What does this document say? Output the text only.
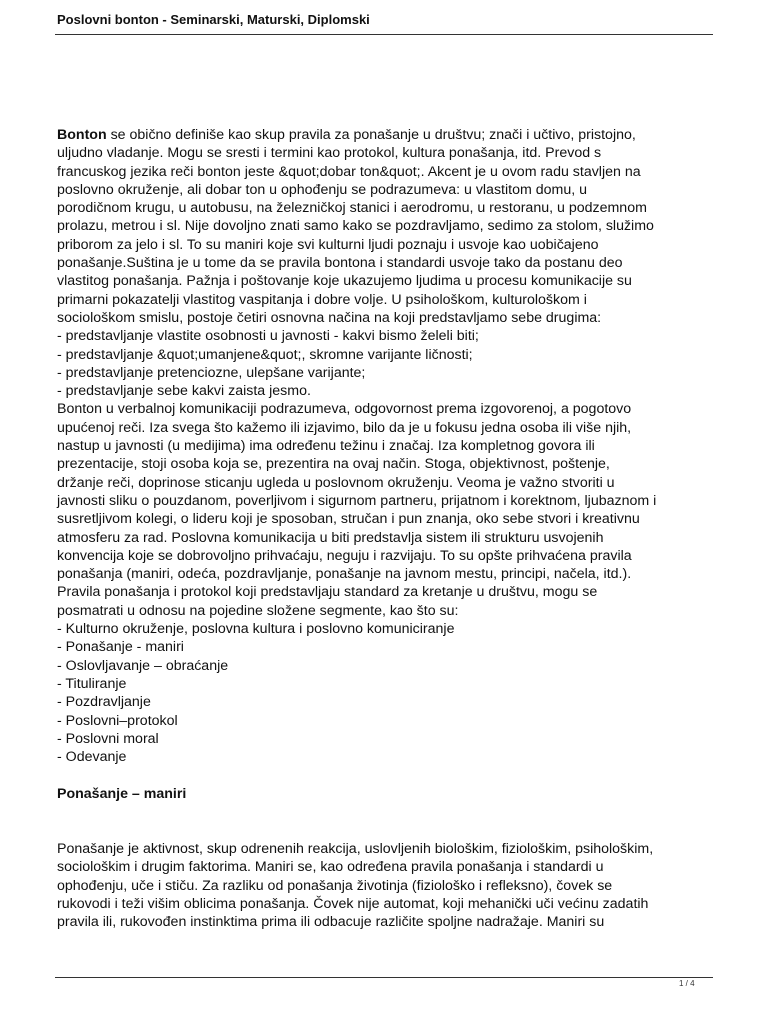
Poslovni bonton - Seminarski, Maturski, Diplomski
Bonton se obično definiše kao skup pravila za ponašanje u društvu; znači i učtivo, pristojno,
uljudno vladanje. Mogu se sresti i termini kao protokol, kultura ponašanja, itd. Prevod s
francuskog jezika reči bonton jeste &quot;dobar ton&quot;. Akcent je u ovom radu stavljen na
poslovno okruženje, ali dobar ton u ophođenju se podrazumeva: u vlastitom domu, u
porodičnom krugu, u autobusu, na železničkoj stanici i aerodromu, u restoranu, u podzemnom
prolazu, metrou i sl. Nije dovoljno znati samo kako se pozdravljamo, sedimo za stolom, služimo
priborom za jelo i sl. To su maniri koje svi kulturni ljudi poznaju i usvoje kao uobičajeno
ponašanje.Suština je u tome da se pravila bontona i standardi usvoje tako da postanu deo
vlastitog ponašanja. Pažnja i poštovanje koje ukazujemo ljudima u procesu komunikacije su
primarni pokazatelji vlastitog vaspitanja i dobre volje. U psihološkom, kulturološkom i
sociološkom smislu, postoje četiri osnovna načina na koji predstavljamo sebe drugima:
- predstavljanje vlastite osobnosti u javnosti - kakvi bismo želeli biti;
- predstavljanje &quot;umanjene&quot;, skromne varijante ličnosti;
- predstavljanje pretenciozne, ulepšane varijante;
- predstavljanje sebe kakvi zaista jesmo.
Bonton u verbalnoj komunikaciji podrazumeva, odgovornost prema izgovorenoj, a pogotovo
upućenoj reči. Iza svega što kažemo ili izjavimo, bilo da je u fokusu jedna osoba ili više njih,
nastup u javnosti (u medijima) ima određenu težinu i značaj. Iza kompletnog govora ili
prezentacije, stoji osoba koja se, prezentira na ovaj način. Stoga, objektivnost, poštenje,
držanje reči, doprinose sticanju ugleda u poslovnom okruženju. Veoma je važno stvoriti u
javnosti sliku o pouzdanom, poverljivom i sigurnom partneru, prijatnom i korektnom, ljubaznom i
susretljivom kolegi, o lideru koji je sposoban, stručan i pun znanja, oko sebe stvori i kreativnu
atmosferu za rad. Poslovna komunikacija u biti predstavlja sistem ili strukturu usvojenih
konvencija koje se dobrovoljno prihvaćaju, neguju i razvijaju. To su opšte prihvaćena pravila
ponašanja (maniri, odeća, pozdravljanje, ponašanje na javnom mestu, principi, načela, itd.).
Pravila ponašanja i protokol koji predstavljaju standard za kretanje u društvu, mogu se
posmatrati u odnosu na pojedine složene segmente, kao što su:
- Kulturno okruženje, poslovna kultura i poslovno komuniciranje
- Ponašanje - maniri
- Oslovljavanje – obraćanje
- Tituliranje
- Pozdravljanje
- Poslovni–protokol
- Poslovni moral
- Odevanje
Ponašanje – maniri
Ponašanje je aktivnost, skup odrenenih reakcija, uslovljenih biološkim, fiziološkim, psihološkim,
sociološkim i drugim faktorima. Maniri se, kao određena pravila ponašanja i standardi u
ophođenju, uče i stiču. Za razliku od ponašanja životinja (fiziološko i refleksno), čovek se
rukovodi i teži višim oblicima ponašanja. Čovek nije automat, koji mehanički uči većinu zadatih
pravila ili, rukovođen instinktima prima ili odbacuje različite spoljne nadražaje. Maniri su
1 / 4
